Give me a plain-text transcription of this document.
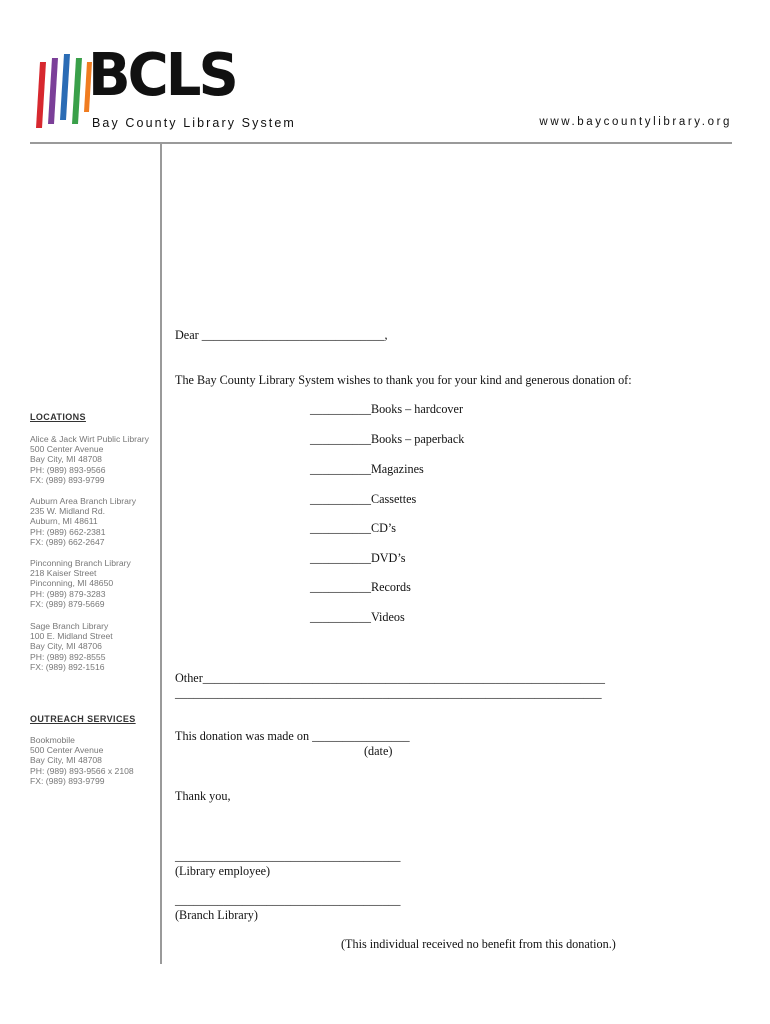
BCLS
Bay County Library System	www.baycountylibrary.org
LOCATIONS
Alice & Jack Wirt Public Library
500 Center Avenue
Bay City, MI 48708
PH: (989) 893-9566
FX: (989) 893-9799
Auburn Area Branch Library
235 W. Midland Rd.
Auburn, MI 48611
PH: (989) 662-2381
FX: (989) 662-2647
Pinconning Branch Library
218 Kaiser Street
Pinconning, MI 48650
PH: (989) 879-3283
FX: (989) 879-5669
Sage Branch Library
100 E. Midland Street
Bay City, MI 48706
PH: (989) 892-8555
FX: (989) 892-1516
OUTREACH SERVICES
Bookmobile
500 Center Avenue
Bay City, MI 48708
PH: (989) 893-9566 x 2108
FX: (989) 893-9799
Dear ______________________________,
The Bay County Library System wishes to thank you for your kind and generous donation of:
__________Books – hardcover
__________Books – paperback
__________Magazines
__________Cassettes
__________CD’s
__________DVD’s
__________Records
__________Videos
Other__________________________________________________________________
______________________________________________________________________
This donation was made on ________________
(date)
Thank you,
_____________________________________
(Library employee)
_____________________________________
(Branch Library)
(This individual received no benefit from this donation.)
